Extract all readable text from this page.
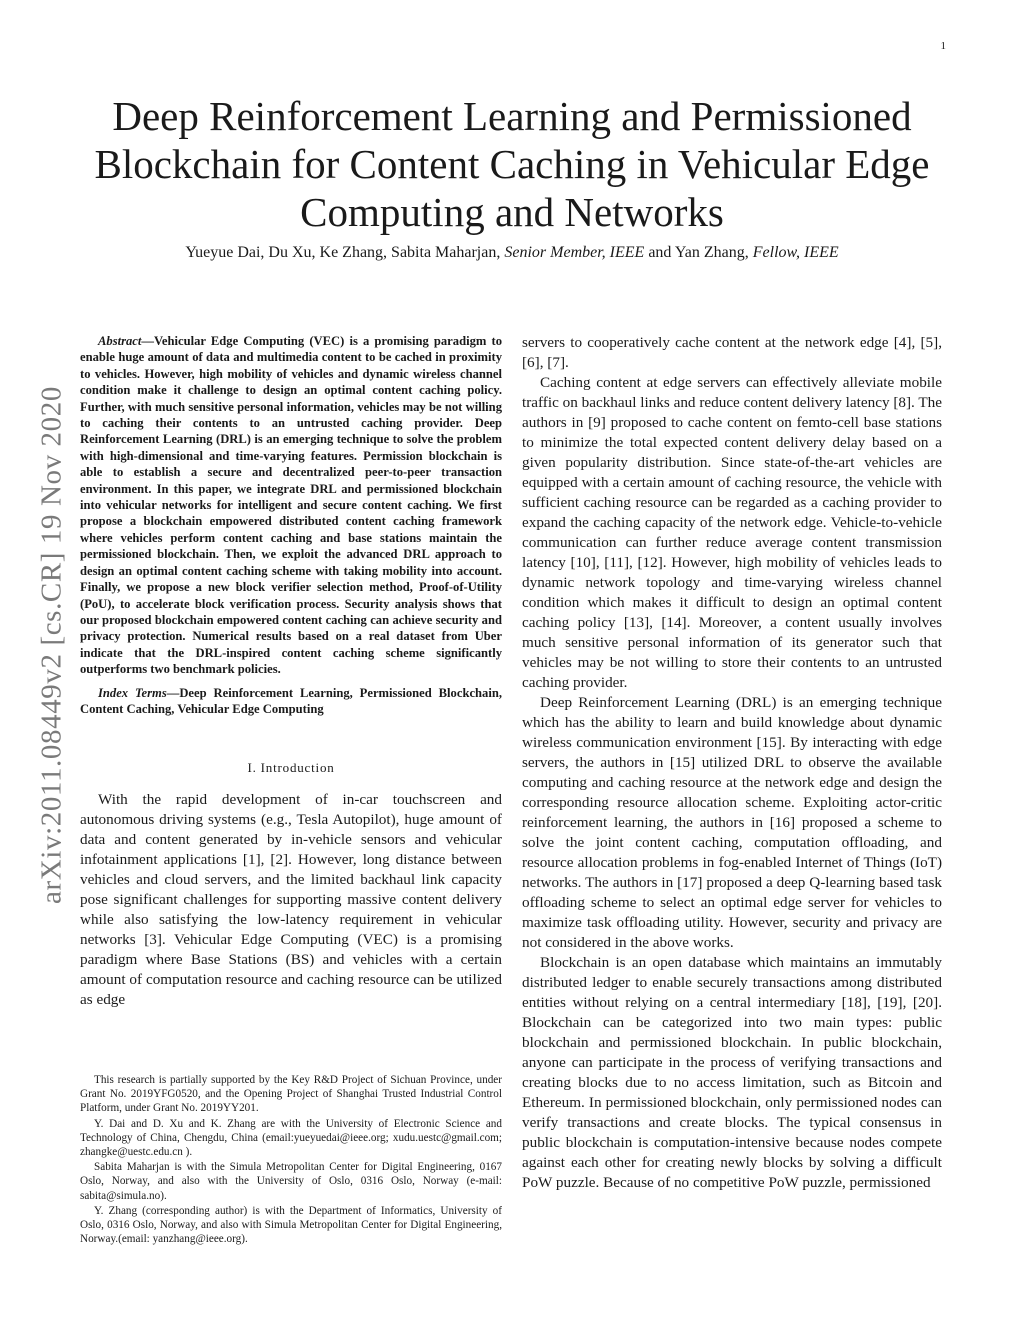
1
arXiv:2011.08449v2 [cs.CR] 19 Nov 2020
Deep Reinforcement Learning and Permissioned Blockchain for Content Caching in Vehicular Edge Computing and Networks
Yueyue Dai, Du Xu, Ke Zhang, Sabita Maharjan, Senior Member, IEEE and Yan Zhang, Fellow, IEEE

Abstract—Vehicular Edge Computing (VEC) is a promising paradigm to enable huge amount of data and multimedia content to be cached in proximity to vehicles. However, high mobility of vehicles and dynamic wireless channel condition make it challenge to design an optimal content caching policy. Further, with much sensitive personal information, vehicles may be not willing to caching their contents to an untrusted caching provider. Deep Reinforcement Learning (DRL) is an emerging technique to solve the problem with high-dimensional and time-varying features. Permission blockchain is able to establish a secure and decentralized peer-to-peer transaction environment. In this paper, we integrate DRL and permissioned blockchain into vehicular networks for intelligent and secure content caching. We first propose a blockchain empowered distributed content caching framework where vehicles perform content caching and base stations maintain the permissioned blockchain. Then, we exploit the advanced DRL approach to design an optimal content caching scheme with taking mobility into account. Finally, we propose a new block verifier selection method, Proof-of-Utility (PoU), to accelerate block verification process. Security analysis shows that our proposed blockchain empowered content caching can achieve security and privacy protection. Numerical results based on a real dataset from Uber indicate that the DRL-inspired content caching scheme significantly outperforms two benchmark policies.

Index Terms—Deep Reinforcement Learning, Permissioned Blockchain, Content Caching, Vehicular Edge Computing

I. Introduction

With the rapid development of in-car touchscreen and autonomous driving systems (e.g., Tesla Autopilot), huge amount of data and content generated by in-vehicle sensors and vehicular infotainment applications [1], [2]. However, long distance between vehicles and cloud servers, and the limited backhaul link capacity pose significant challenges for supporting massive content delivery while also satisfying the low-latency requirement in vehicular networks [3]. Vehicular Edge Computing (VEC) is a promising paradigm where Base Stations (BS) and vehicles with a certain amount of computation resource and caching resource can be utilized as edge

This research is partially supported by the Key R&D Project of Sichuan Province, under Grant No. 2019YFG0520, and the Opening Project of Shanghai Trusted Industrial Control Platform, under Grant No. 2019YY201.

Y. Dai and D. Xu and K. Zhang are with the University of Electronic Science and Technology of China, Chengdu, China (email:yueyuedai@ieee.org; xudu.uestc@gmail.com; zhangke@uestc.edu.cn ).

Sabita Maharjan is with the Simula Metropolitan Center for Digital Engineering, 0167 Oslo, Norway, and also with the University of Oslo, 0316 Oslo, Norway (e-mail: sabita@simula.no).

Y. Zhang (corresponding author) is with the Department of Informatics, University of Oslo, 0316 Oslo, Norway, and also with Simula Metropolitan Center for Digital Engineering, Norway.(email: yanzhang@ieee.org).

servers to cooperatively cache content at the network edge [4], [5], [6], [7].

Caching content at edge servers can effectively alleviate mobile traffic on backhaul links and reduce content delivery latency [8]. The authors in [9] proposed to cache content on femto-cell base stations to minimize the total expected content delivery delay based on a given popularity distribution. Since state-of-the-art vehicles are equipped with a certain amount of caching resource, the vehicle with sufficient caching resource can be regarded as a caching provider to expand the caching capacity of the network edge. Vehicle-to-vehicle communication can further reduce average content transmission latency [10], [11], [12]. However, high mobility of vehicles leads to dynamic network topology and time-varying wireless channel condition which makes it difficult to design an optimal content caching policy [13], [14]. Moreover, a content usually involves much sensitive personal information of its generator such that vehicles may be not willing to store their contents to an untrusted caching provider.

Deep Reinforcement Learning (DRL) is an emerging technique which has the ability to learn and build knowledge about dynamic wireless communication environment [15]. By interacting with edge servers, the authors in [15] utilized DRL to observe the available computing and caching resource at the network edge and design the corresponding resource allocation scheme. Exploiting actor-critic reinforcement learning, the authors in [16] proposed a scheme to solve the joint content caching, computation offloading, and resource allocation problems in fog-enabled Internet of Things (IoT) networks. The authors in [17] proposed a deep Q-learning based task offloading scheme to select an optimal edge server for vehicles to maximize task offloading utility. However, security and privacy are not considered in the above works.

Blockchain is an open database which maintains an immutably distributed ledger to enable securely transactions among distributed entities without relying on a central intermediary [18], [19], [20]. Blockchain can be categorized into two main types: public blockchain and permissioned blockchain. In public blockchain, anyone can participate in the process of verifying transactions and creating blocks due to no access limitation, such as Bitcoin and Ethereum. In permissioned blockchain, only permissioned nodes can verify transactions and create blocks. The typical consensus in public blockchain is computation-intensive because nodes compete against each other for creating newly blocks by solving a difficult PoW puzzle. Because of no competitive PoW puzzle, permissioned
